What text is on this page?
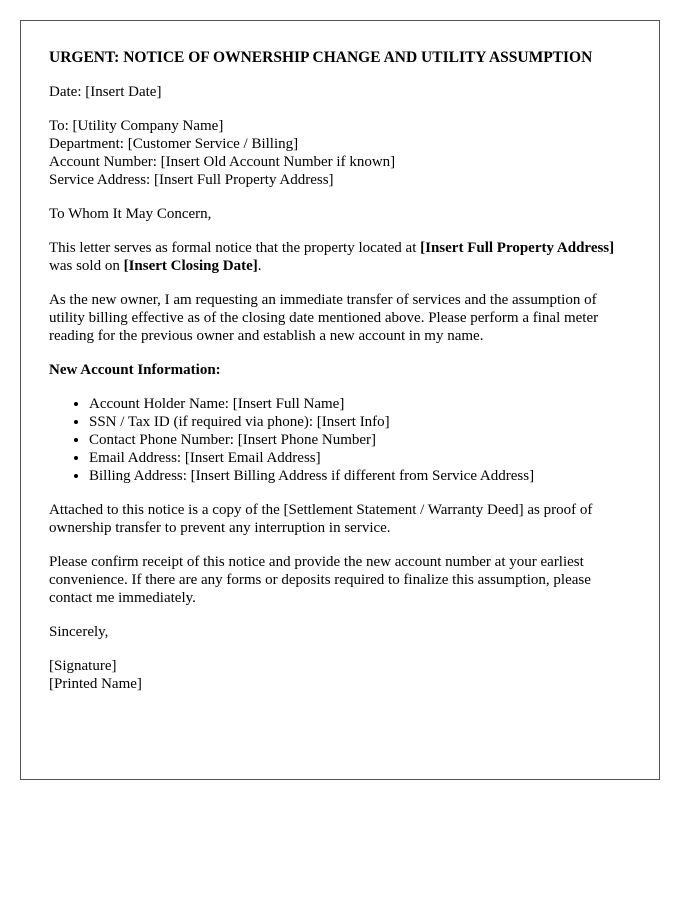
URGENT: NOTICE OF OWNERSHIP CHANGE AND UTILITY ASSUMPTION

Date: [Insert Date]

To: [Utility Company Name]
Department: [Customer Service / Billing]
Account Number: [Insert Old Account Number if known]
Service Address: [Insert Full Property Address]

To Whom It May Concern,

This letter serves as formal notice that the property located at [Insert Full Property Address] was sold on [Insert Closing Date].

As the new owner, I am requesting an immediate transfer of services and the assumption of utility billing effective as of the closing date mentioned above. Please perform a final meter reading for the previous owner and establish a new account in my name.

New Account Information:
• Account Holder Name: [Insert Full Name]
• SSN / Tax ID (if required via phone): [Insert Info]
• Contact Phone Number: [Insert Phone Number]
• Email Address: [Insert Email Address]
• Billing Address: [Insert Billing Address if different from Service Address]

Attached to this notice is a copy of the [Settlement Statement / Warranty Deed] as proof of ownership transfer to prevent any interruption in service.

Please confirm receipt of this notice and provide the new account number at your earliest convenience. If there are any forms or deposits required to finalize this assumption, please contact me immediately.

Sincerely,

[Signature]
[Printed Name]
